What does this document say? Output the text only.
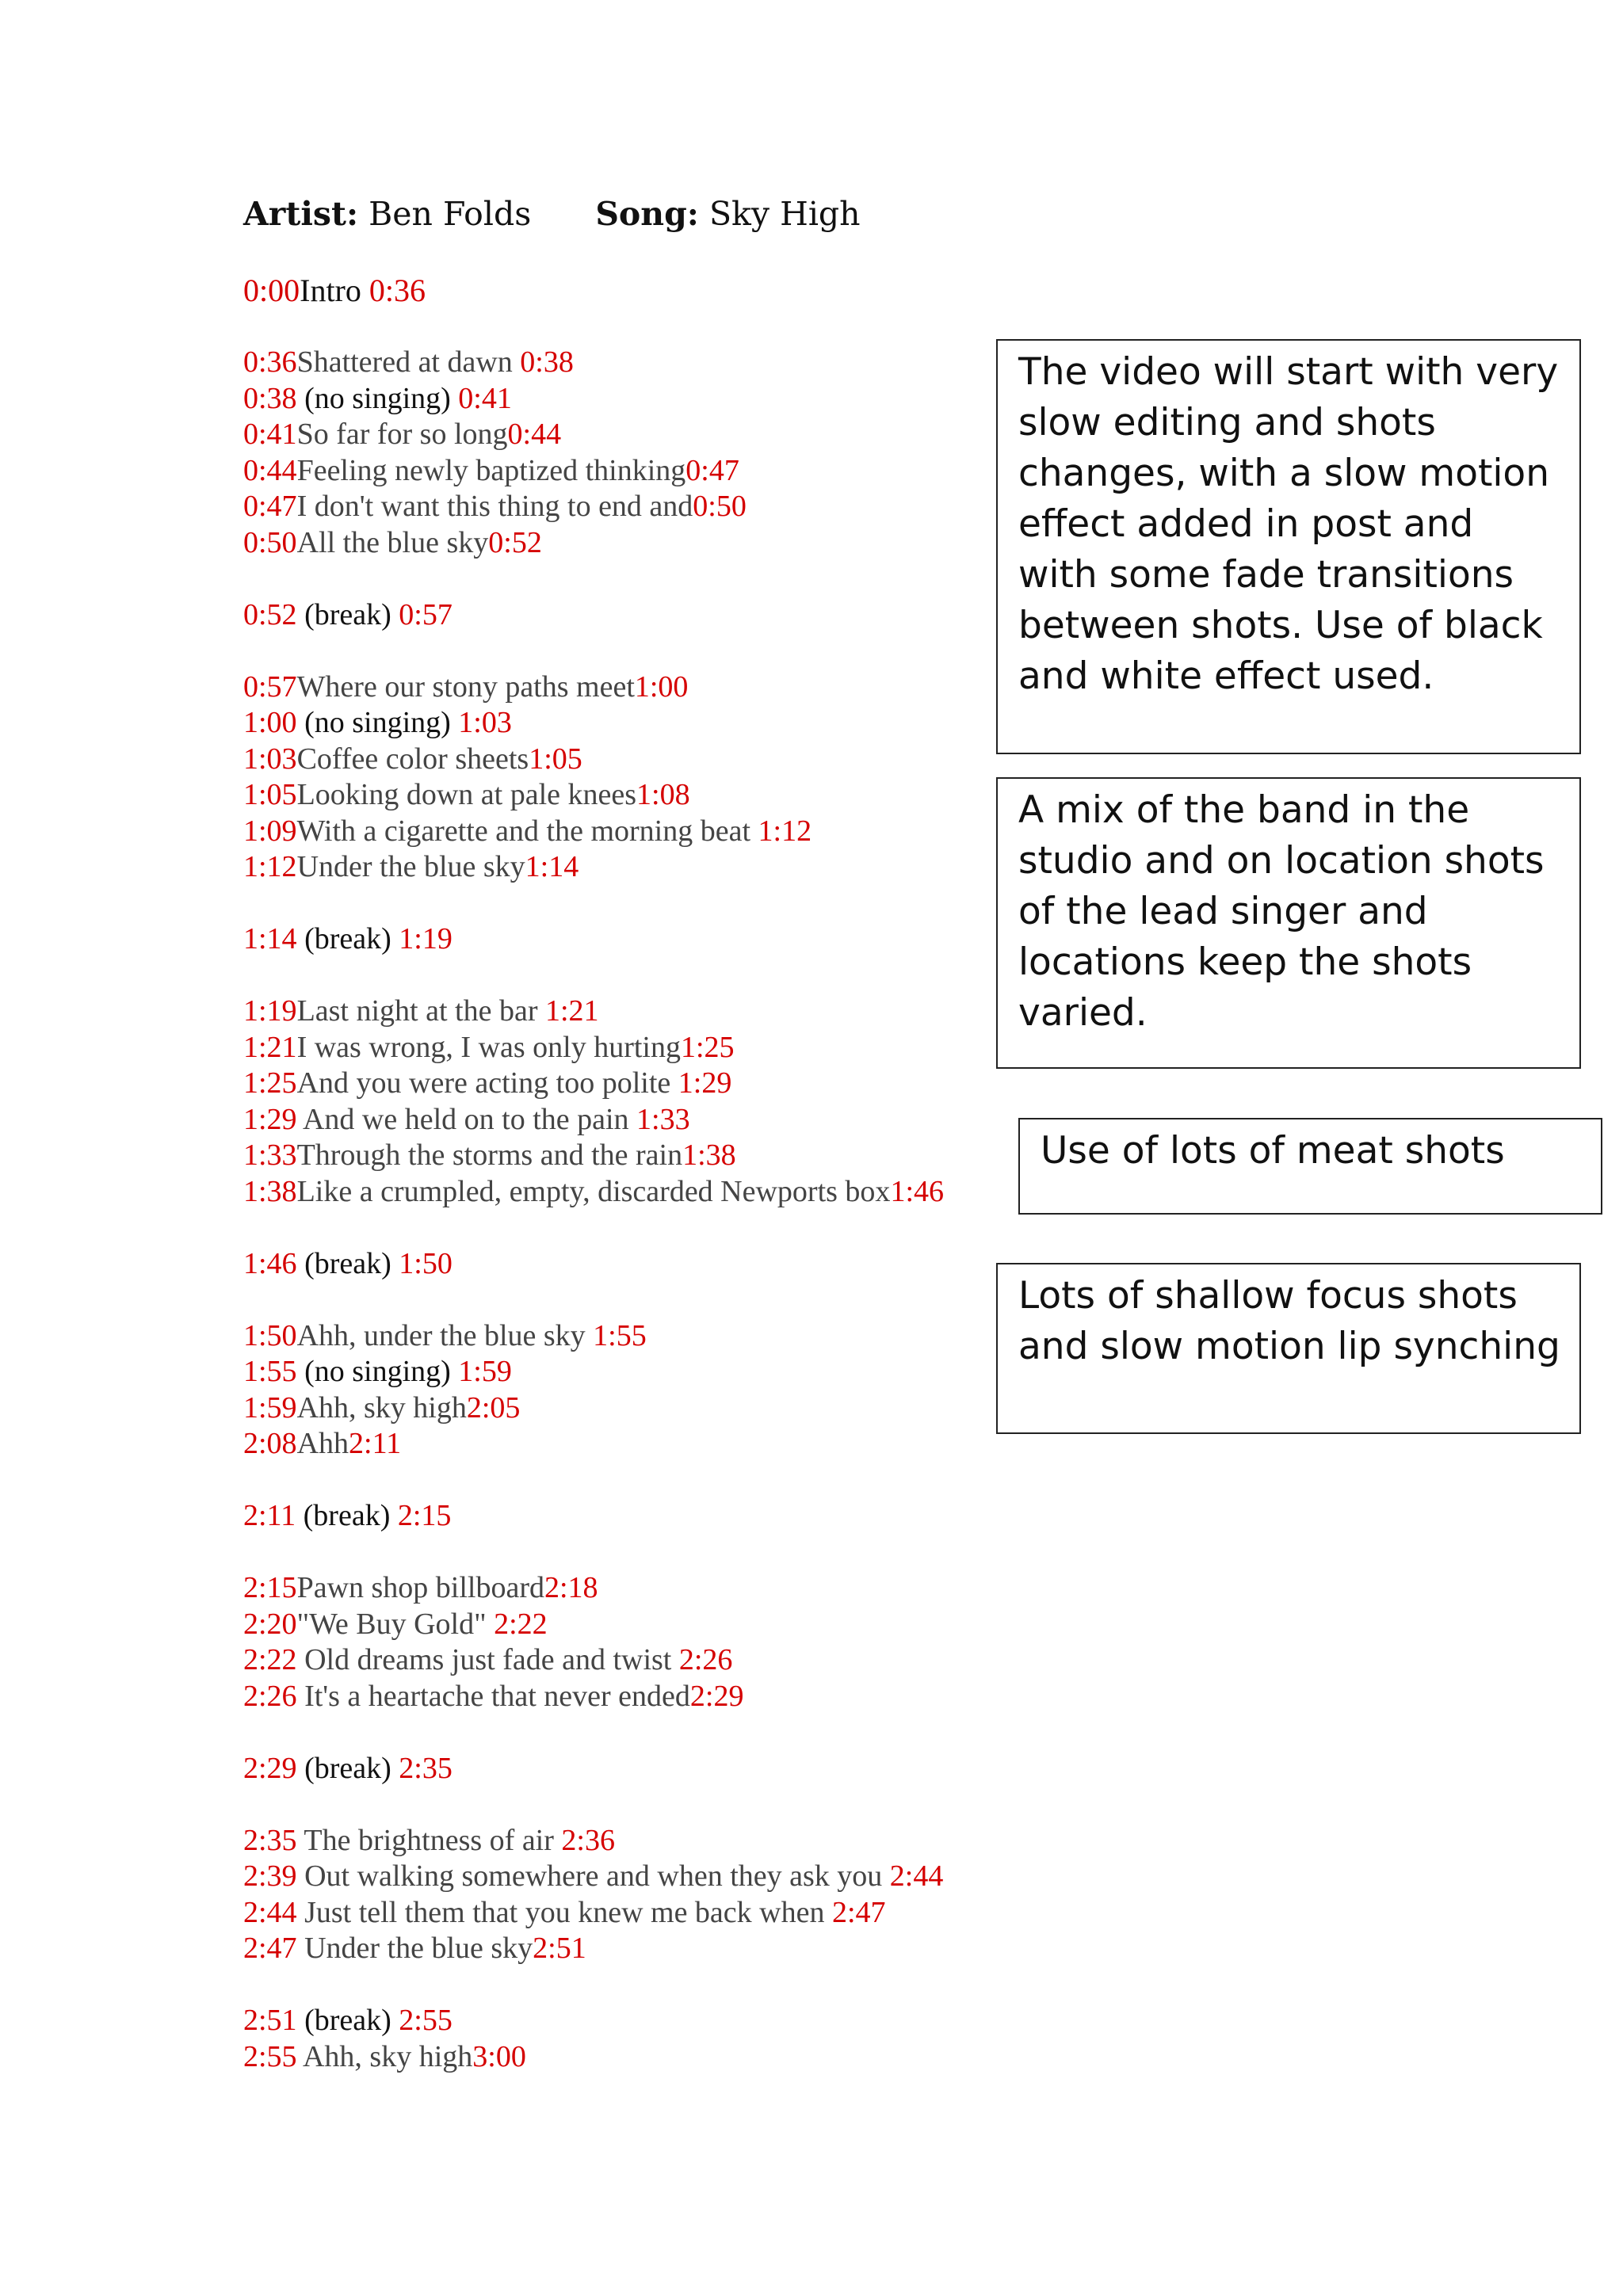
Artist: Ben Folds Song: Sky High
0:00Intro 0:36
0:36Shattered at dawn 0:38
0:38 (no singing) 0:41
0:41So far for so long0:44
0:44Feeling newly baptized thinking0:47
0:47I don't want this thing to end and0:50
0:50All the blue sky0:52
0:52 (break) 0:57
0:57Where our stony paths meet1:00
1:00 (no singing) 1:03
1:03Coffee color sheets1:05
1:05Looking down at pale knees1:08
1:09With a cigarette and the morning beat 1:12
1:12Under the blue sky1:14
1:14 (break) 1:19
1:19Last night at the bar 1:21
1:21I was wrong, I was only hurting1:25
1:25And you were acting too polite 1:29
1:29 And we held on to the pain 1:33
1:33Through the storms and the rain1:38
1:38Like a crumpled, empty, discarded Newports box1:46
1:46 (break) 1:50
1:50Ahh, under the blue sky 1:55
1:55 (no singing) 1:59
1:59Ahh, sky high2:05
2:08Ahh2:11
2:11 (break) 2:15
2:15Pawn shop billboard2:18
2:20"We Buy Gold" 2:22
2:22 Old dreams just fade and twist 2:26
2:26 It's a heartache that never ended2:29
2:29 (break) 2:35
2:35 The brightness of air 2:36
2:39 Out walking somewhere and when they ask you 2:44
2:44 Just tell them that you knew me back when 2:47
2:47 Under the blue sky2:51
2:51 (break) 2:55
2:55 Ahh, sky high3:00
The video will start with very slow editing and shots changes, with a slow motion effect added in post and with some fade transitions between shots. Use of black and white effect used.
A mix of the band in the studio and on location shots of the lead singer and locations keep the shots varied.
Use of lots of meat shots
Lots of shallow focus shots and slow motion lip synching
